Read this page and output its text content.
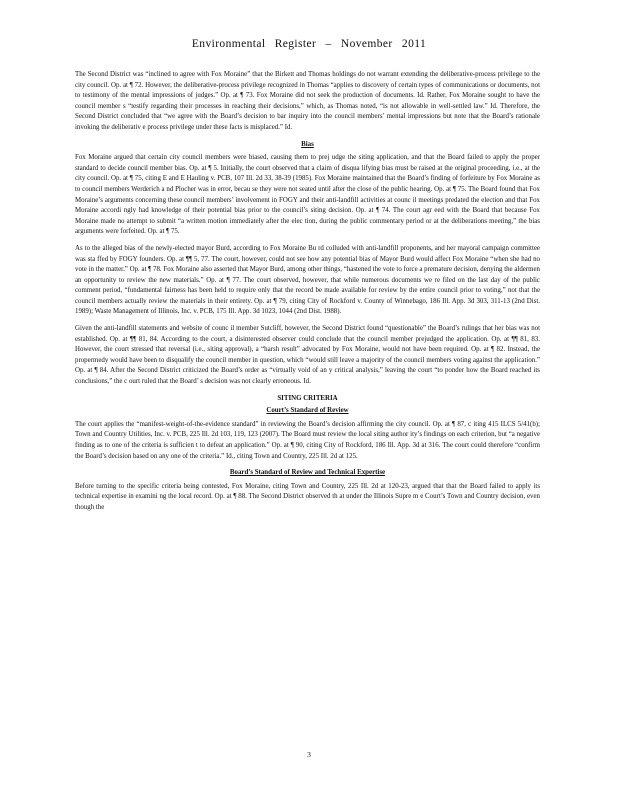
Environmental Register – November 2011

The Second District was “inclined to agree with Fox Moraine” that the Birkett and Thomas holdings do not warrant extending the deliberative-process privilege to the city council. Op. at ¶ 72. However, the deliberative-process privilege recognized in Thomas “applies to discovery of certain types of communications or documents, not to testimony of the mental impressions of judges.” Op. at ¶ 73. Fox Moraine did not seek the production of documents. Id. Rather, Fox Moraine sought to have the council member s “testify regarding their processes in reaching their decisions,” which, as Thomas noted, “is not allowable in well-settled law.” Id. Therefore, the Second District concluded that “we agree with the Board’s decision to bar inquiry into the council members’ mental impressions but note that the Board’s rationale invoking the deliberativ e process privilege under these facts is misplaced.” Id.

Bias

Fox Moraine argued that certain city council members were biased, causing them to prej udge the siting application, and that the Board failed to apply the proper standard to decide council member bias. Op. at ¶ 5. Initially, the court observed that a claim of disqua lifying bias must be raised at the original proceeding, i.e., at the city council. Op. at ¶ 75, citing E and E Hauling v. PCB, 107 Ill. 2d 33, 38-39 (1985). Fox Moraine maintained that the Board’s finding of forfeiture by Fox Moraine as to council members Werderich a nd Plocher was in error, becau se they were not seated until after the close of the public hearing. Op. at ¶ 75. The Board found that Fox Moraine’s arguments concerning these council members’ involvement in FOGY and their anti-landfill activities at counc il meetings predated the election and that Fox Moraine accordi ngly had knowledge of their potential bias prior to the council’s siting decision. Op. at ¶ 74. The court agr eed with the Board that because Fox Moraine made no attempt to submit “a written motion immediately after the elec tion, during the public commentary period or at the deliberations meeting,” the bias arguments were forfeited. Op. at ¶ 75.

As to the alleged bias of the newly-elected mayor Burd, according to Fox Moraine Bu rd colluded with anti-landfill proponents, and her mayoral campaign committee was sta ffed by FOGY founders. Op. at ¶¶ 5, 77. The court, however, could not see how any potential bias of Mayor Burd would affect Fox Moraine “when she had no vote in the matter.” Op. at ¶ 78. Fox Moraine also asserted that Mayor Burd, among other things, “hastened the vote to force a premature decision, denying the aldermen an opportunity to review the new materials.” Op. at ¶ 77. The court observed, however, that while numerous documents we re filed on the last day of the public comment period, “fundamental fairness has been held to require only that the record be made available for review by the entire council prior to voting,” not that the council members actually review the materials in their entirety. Op. at ¶ 79, citing City of Rockford v. County of Winnebago, 186 Ill. App. 3d 303, 311-13 (2nd Dist. 1989); Waste Management of Illinois, Inc. v. PCB, 175 Ill. App. 3d 1023, 1044 (2nd Dist. 1988).

Given the anti-landfill statements and website of counc il member Sutcliff, however, the Second District found “questionable” the Board’s rulings that her bias was not established. Op. at ¶¶ 81, 84. According to the court, a disinterested observer could conclude that the council member prejudged the application. Op. at ¶¶ 81, 83. However, the court stressed that reversal (i.e., siting approval), a “harsh result” advocated by Fox Moraine, would not have been required. Op. at ¶ 82. Instead, the propermedy would have been to disqualify the council member in question, which “would still leave a majority of the council members voting against the application.” Op. at ¶ 84. After the Second District criticized the Board’s order as “virtually void of an y critical analysis,” leaving the court “to ponder how the Board reached its conclusions,” the c ourt ruled that the Board’ s decision was not clearly erroneous. Id.

SITING CRITERIA
Court’s Standard of Review

The court applies the “manifest-weight-of-the-evidence standard” in reviewing the Board’s decision affirming the city council. Op. at ¶ 87, c iting 415 ILCS 5/41(b); Town and Country Utilities, Inc. v. PCB, 225 Ill. 2d 103, 119, 123 (2007). The Board must review the local siting author ity’s findings on each criterion, but “a negative finding as to one of the criteria is sufficien t to defeat an application.” Op. at ¶ 90, citing City of Rockford, 186 Ill. App. 3d at 316. The court could therefore “confirm the Board’s decision based on any one of the criteria.” Id., citing Town and Country, 225 Ill. 2d at 125.

Board’s Standard of Review and Technical Expertise

Before turning to the specific criteria being contested, Fox Moraine, citing Town and Country, 225 Ill. 2d at 120-23, argued that that the Board failed to apply its technical expertise in examini ng the local record. Op. at ¶ 88. The Second District observed th at under the Illinois Supre m e Court’s Town and Country decision, even though the

3
